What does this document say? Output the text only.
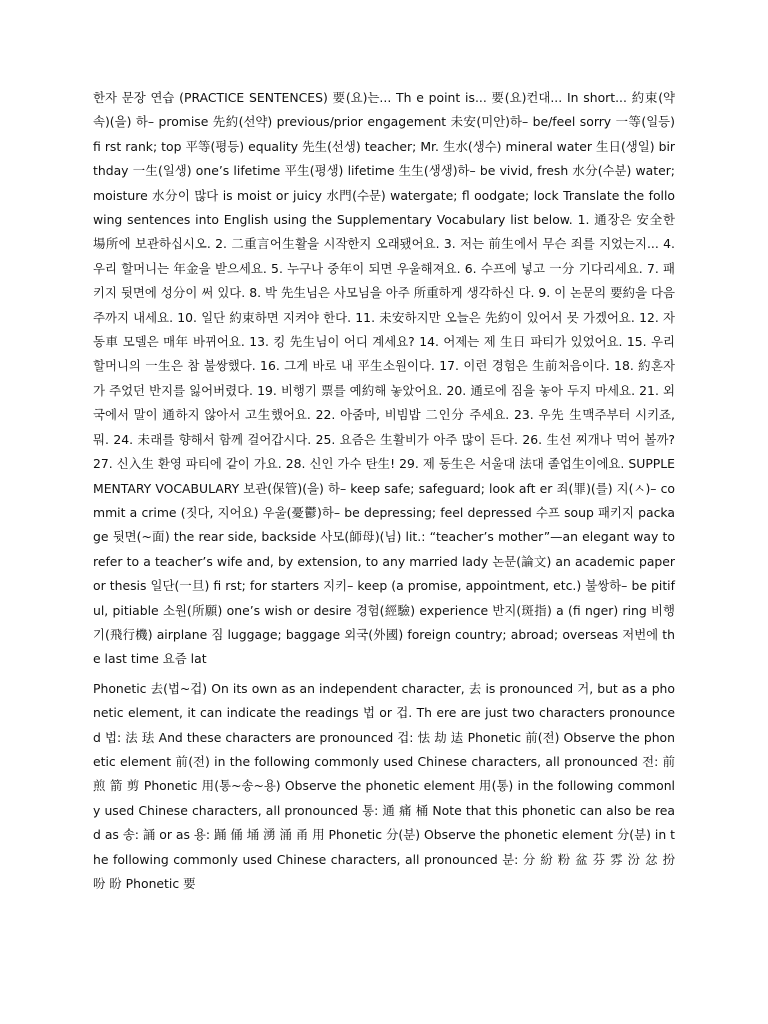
한자 문장 연습 (PRACTICE SENTENCES) 要(요)는... Th e point is... 要(요)컨대... In short... 約束(약속)(을) 하– promise 先約(선약) previous/prior engagement 未安(미안)하– be/feel sorry 一等(일등) fi rst rank; top 平等(평등) equality 先生(선생) teacher; Mr. 生水(생수) mineral water 生日(생일) birthday 一生(일생) one’s lifetime 平生(평생) lifetime 生生(생생)하– be vivid, fresh 水分(수분) water; moisture 水分이 많다 is moist or juicy 水門(수문) watergate; fl oodgate; lock Translate the following sentences into English using the Supplementary Vocabulary list below. 1. 通장은 安全한 場所에 보관하십시오. 2. 二重言어生활을 시작한지 오래됐어요. 3. 저는 前生에서 무슨 죄를 지었는지... 4. 우리 할머니는 年金을 받으세요. 5. 누구나 중年이 되면 우울해져요. 6. 수프에 넣고 一分 기다리세요. 7. 패키지 뒷면에 성分이 써 있다. 8. 박 先生님은 사모님을 아주 所重하게 생각하신 다. 9. 이 논문의 要約을 다음 주까지 내세요. 10. 일단 約束하면 지켜야 한다. 11. 未安하지만 오늘은 先約이 있어서 못 가겠어요. 12. 자동車 모델은 매年 바뀌어요. 13. 킹 先生님이 어디 계세요? 14. 어제는 제 生日 파티가 있었어요. 15. 우리 할머니의 一生은 참 불쌍했다. 16. 그게 바로 내 平生소원이다. 17. 이런 경험은 生前처음이다. 18. 約혼자가 주었던 반지를 잃어버렸다. 19. 비행기 票를 예約해 놓았어요. 20. 通로에 짐을 놓아 두지 마세요. 21. 외국에서 말이 通하지 않아서 고生했어요. 22. 아줌마, 비빔밥 二인分 주세요. 23. 우先 生맥주부터 시키죠, 뭐. 24. 未래를 향해서 함께 걸어갑시다. 25. 요즘은 生활비가 아주 많이 든다. 26. 生선 찌개나 먹어 볼까? 27. 신入生 환영 파티에 같이 가요. 28. 신인 가수 탄生! 29. 제 동生은 서울대 法대 졸업生이에요. SUPPLEMENTARY VOCABULARY 보관(保管)(을) 하– keep safe; safeguard; look aft er 죄(罪)(를) 지(ㅅ)– commit a crime (짓다, 지어요) 우울(憂鬱)하– be depressing; feel depressed 수프 soup 패키지 package 뒷면(~面) the rear side, backside 사모(師母)(님) lit.: “teacher’s mother”—an elegant way to refer to a teacher’s wife and, by extension, to any married lady 논문(論文) an academic paper or thesis 일단(一旦) fi rst; for starters 지키– keep (a promise, appointment, etc.) 불쌍하– be pitiful, pitiable 소원(所願) one’s wish or desire 경험(經驗) experience 반지(斑指) a (fi nger) ring 비행기(飛行機) airplane 짐 luggage; baggage 외국(外國) foreign country; abroad; overseas 저번에 the last time 요즘 lat

Phonetic 去(법~겁) On its own as an independent character, 去 is pronounced 거, but as a phonetic element, it can indicate the readings 법 or 겁. Th ere are just two characters pronounced 법: 法 珐 And these characters are pronounced 겁: 怯 劫 迲 Phonetic 前(전) Observe the phonetic element 前(전) in the following commonly used Chinese characters, all pronounced 전: 前 煎 箭 剪 Phonetic 用(통~송~용) Observe the phonetic element 用(통) in the following commonly used Chinese characters, all pronounced 통: 通 痛 桶 Note that this phonetic can also be read as 송: 誦 or as 용: 踊 俑 埇 湧 涌 甬 用 Phonetic 分(분) Observe the phonetic element 分(분) in the following commonly used Chinese characters, all pronounced 분: 分 紛 粉 盆 芬 雰 汾 忿 扮 吩 昐 Phonetic 要
